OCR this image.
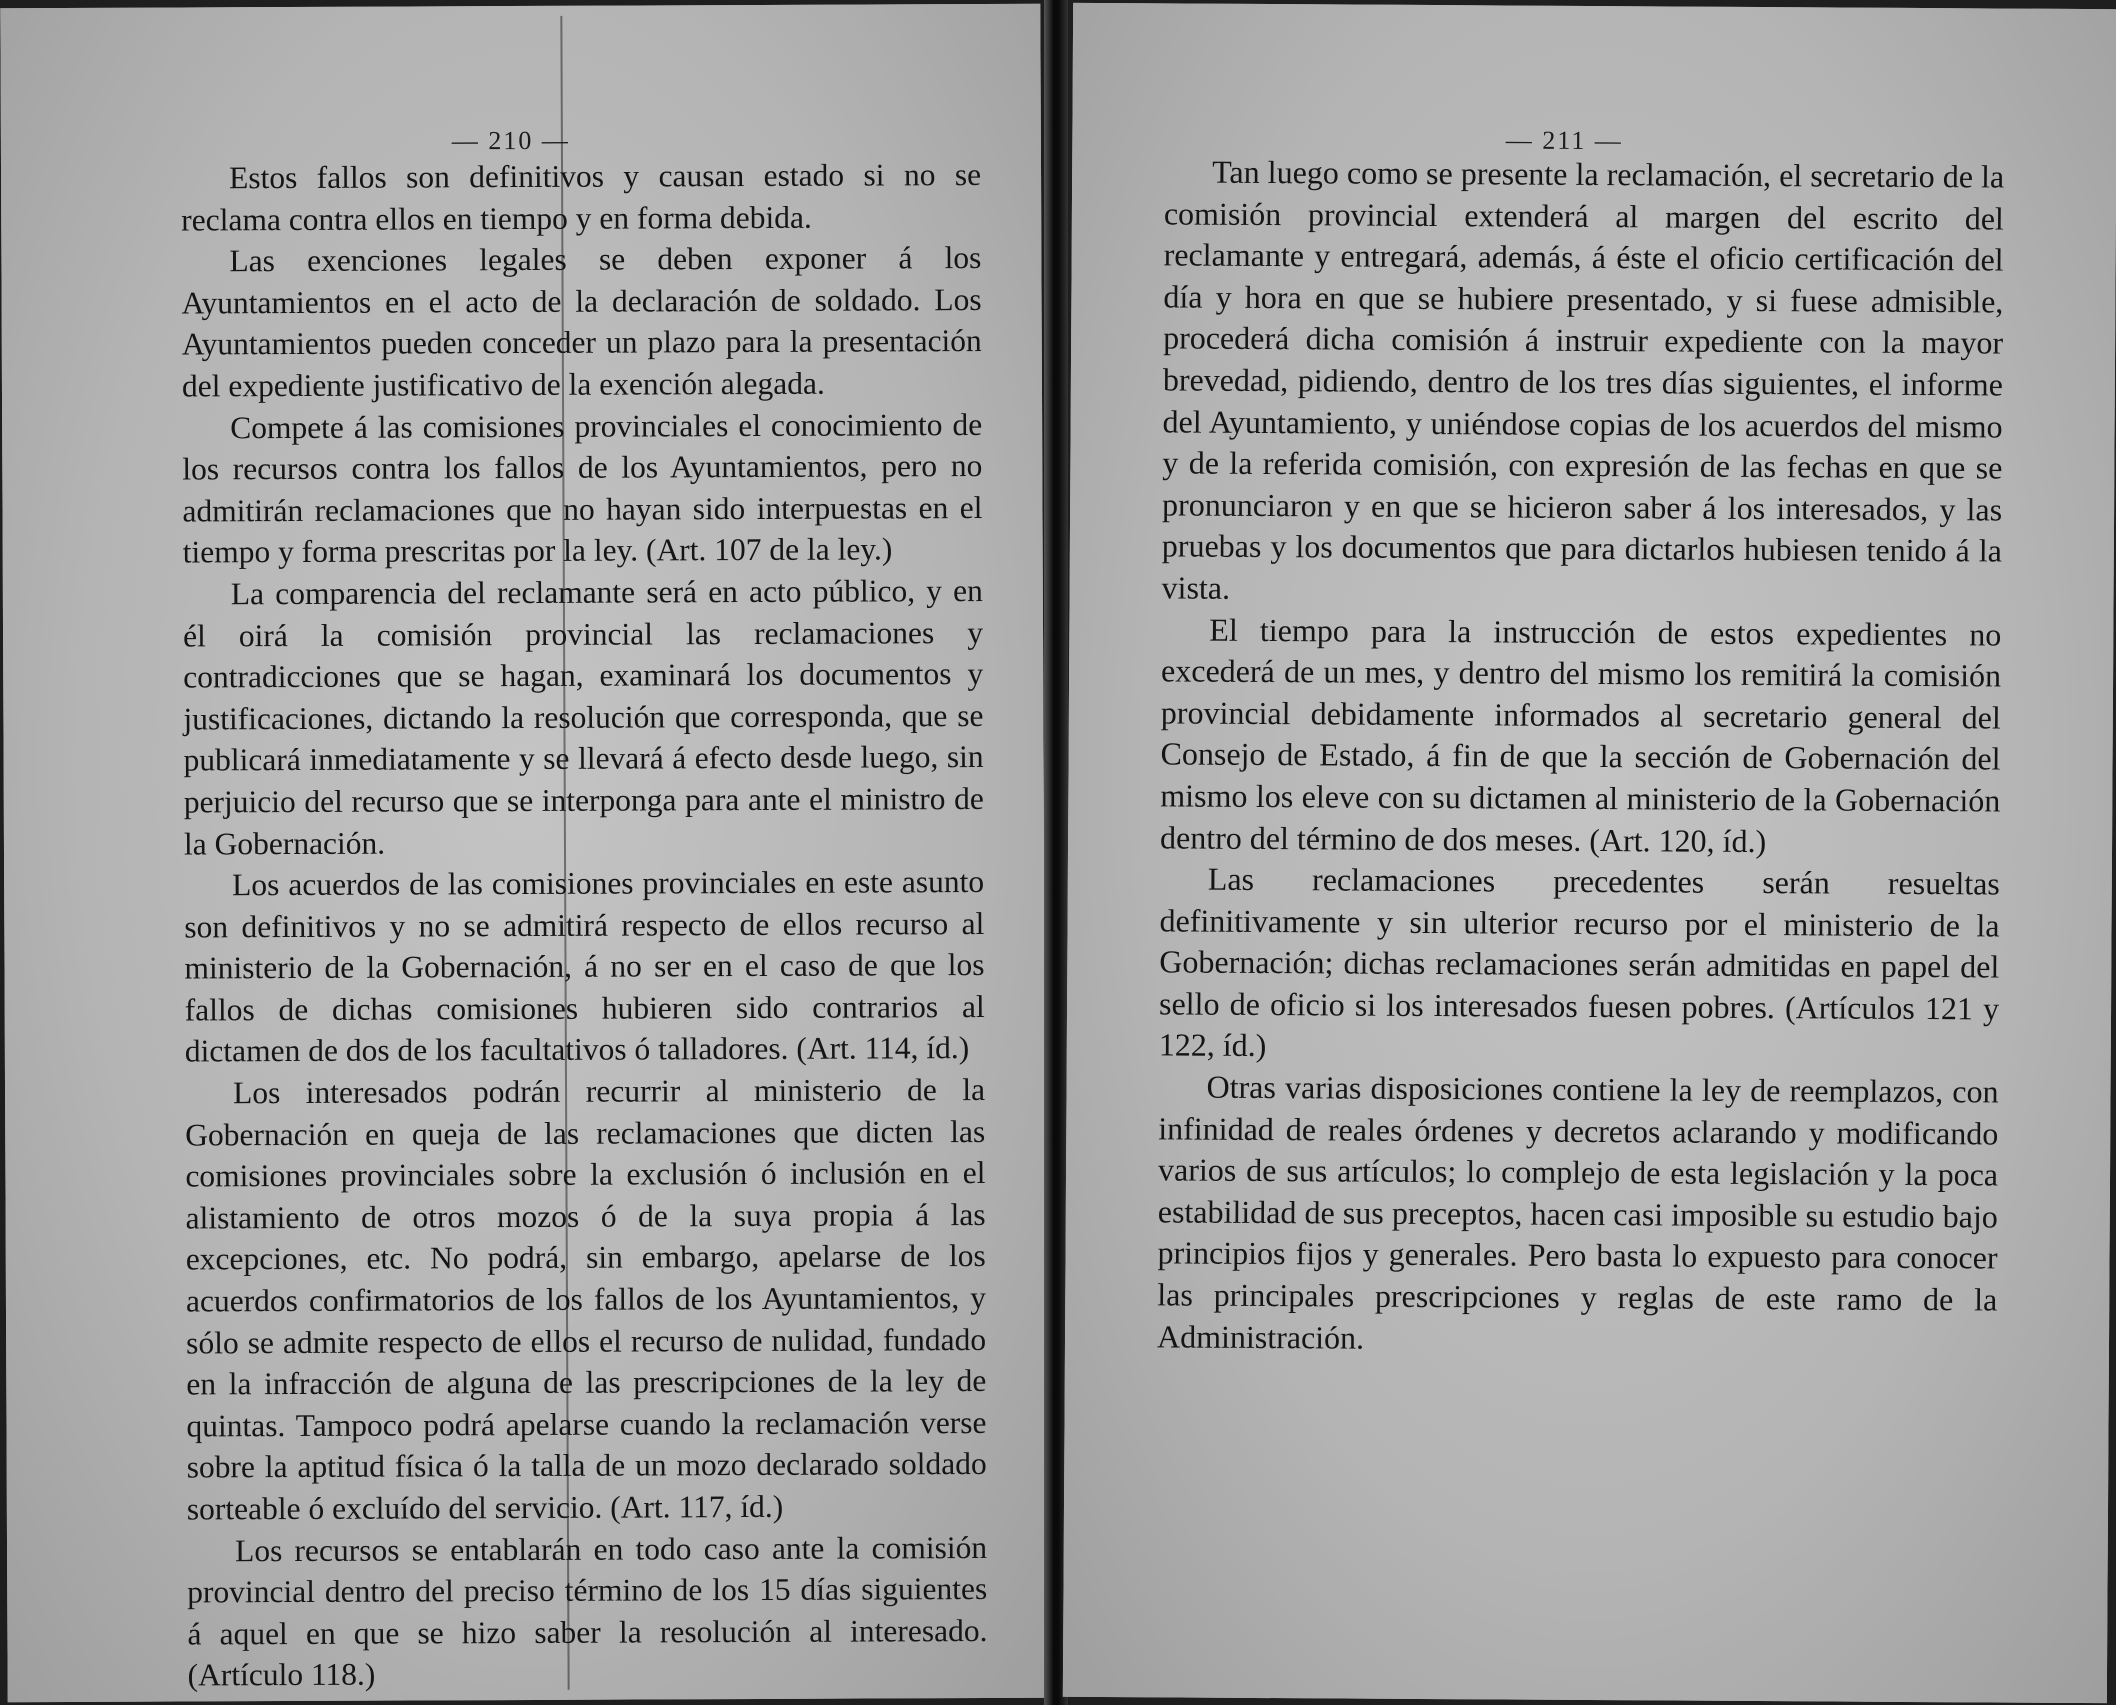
— 210 —

Estos fallos son definitivos y causan estado si no se reclama contra ellos en tiempo y en forma debida.

Las exenciones legales se deben exponer á los Ayuntamientos en el acto de la declaración de soldado. Los Ayuntamientos pueden conceder un plazo para la presentación del expediente justificativo de la exención alegada.

Compete á las comisiones provinciales el conocimiento de los recursos contra los fallos de los Ayuntamientos, pero no admitirán reclamaciones que no hayan sido interpuestas en el tiempo y forma prescritas por la ley. (Art. 107 de la ley.)

La comparencia del reclamante será en acto público, y en él oirá la comisión provincial las reclamaciones y contradicciones que se hagan, examinará los documentos y justificaciones, dictando la resolución que corresponda, que se publicará inmediatamente y se llevará á efecto desde luego, sin perjuicio del recurso que se interponga para ante el ministro de la Gobernación.

Los acuerdos de las comisiones provinciales en este asunto son definitivos y no se admitirá respecto de ellos recurso al ministerio de la Gobernación, á no ser en el caso de que los fallos de dichas comisiones hubieren sido contrarios al dictamen de dos de los facultativos ó talladores. (Art. 114, íd.)

Los interesados podrán recurrir al ministerio de la Gobernación en queja de las reclamaciones que dicten las comisiones provinciales sobre la exclusión ó inclusión en el alistamiento de otros mozos ó de la suya propia á las excepciones, etc. No podrá, sin embargo, apelarse de los acuerdos confirmatorios de los fallos de los Ayuntamientos, y sólo se admite respecto de ellos el recurso de nulidad, fundado en la infracción de alguna de las prescripciones de la ley de quintas. Tampoco podrá apelarse cuando la reclamación verse sobre la aptitud física ó la talla de un mozo declarado soldado sorteable ó excluído del servicio. (Art. 117, íd.)

Los recursos se entablarán en todo caso ante la comisión provincial dentro del preciso término de los 15 días siguientes á aquel en que se hizo saber la resolución al interesado. (Artículo 118.)

— 211 —

Tan luego como se presente la reclamación, el secretario de la comisión provincial extenderá al margen del escrito del reclamante y entregará, además, á éste el oficio certificación del día y hora en que se hubiere presentado, y si fuese admisible, procederá dicha comisión á instruir expediente con la mayor brevedad, pidiendo, dentro de los tres días siguientes, el informe del Ayuntamiento, y uniéndose copias de los acuerdos del mismo y de la referida comisión, con expresión de las fechas en que se pronunciaron y en que se hicieron saber á los interesados, y las pruebas y los documentos que para dictarlos hubiesen tenido á la vista.

El tiempo para la instrucción de estos expedientes no excederá de un mes, y dentro del mismo los remitirá la comisión provincial debidamente informados al secretario general del Consejo de Estado, á fin de que la sección de Gobernación del mismo los eleve con su dictamen al ministerio de la Gobernación dentro del término de dos meses. (Art. 120, íd.)

Las reclamaciones precedentes serán resueltas definitivamente y sin ulterior recurso por el ministerio de la Gobernación; dichas reclamaciones serán admitidas en papel del sello de oficio si los interesados fuesen pobres. (Artículos 121 y 122, íd.)

Otras varias disposiciones contiene la ley de reemplazos, con infinidad de reales órdenes y decretos aclarando y modificando varios de sus artículos; lo complejo de esta legislación y la poca estabilidad de sus preceptos, hacen casi imposible su estudio bajo principios fijos y generales. Pero basta lo expuesto para conocer las principales prescripciones y reglas de este ramo de la Administración.
